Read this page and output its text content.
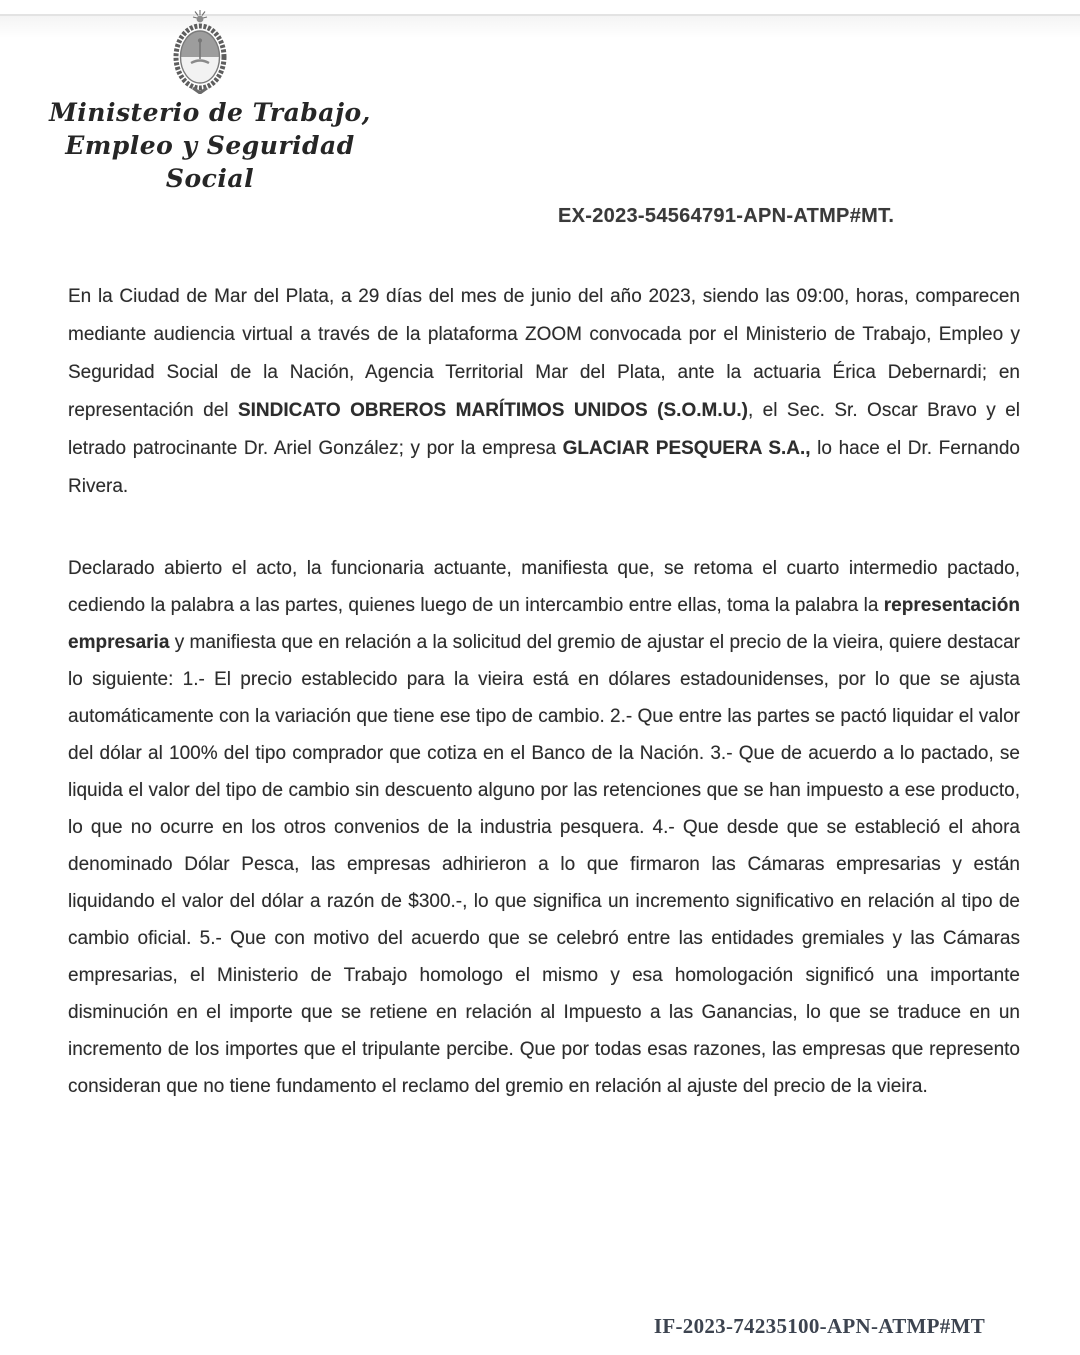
Ministerio de Trabajo,
Empleo y Seguridad Social
EX-2023-54564791-APN-ATMP#MT.

En la Ciudad de Mar del Plata, a 29 días del mes de junio del año 2023, siendo las 09:00, horas, comparecen mediante audiencia virtual a través de la plataforma ZOOM convocada por el Ministerio de Trabajo, Empleo y Seguridad Social de la Nación, Agencia Territorial Mar del Plata, ante la actuaria Érica Debernardi; en representación del SINDICATO OBREROS MARÍTIMOS UNIDOS (S.O.M.U.), el Sec. Sr. Oscar Bravo y el letrado patrocinante Dr. Ariel González; y por la empresa GLACIAR PESQUERA S.A., lo hace el Dr. Fernando Rivera.

Declarado abierto el acto, la funcionaria actuante, manifiesta que, se retoma el cuarto intermedio pactado, cediendo la palabra a las partes, quienes luego de un intercambio entre ellas, toma la palabra la representación empresaria y manifiesta que en relación a la solicitud del gremio de ajustar el precio de la vieira, quiere destacar lo siguiente: 1.- El precio establecido para la vieira está en dólares estadounidenses, por lo que se ajusta automáticamente con la variación que tiene ese tipo de cambio. 2.- Que entre las partes se pactó liquidar el valor del dólar al 100% del tipo comprador que cotiza en el Banco de la Nación. 3.- Que de acuerdo a lo pactado, se liquida el valor del tipo de cambio sin descuento alguno por las retenciones que se han impuesto a ese producto, lo que no ocurre en los otros convenios de la industria pesquera. 4.- Que desde que se estableció el ahora denominado Dólar Pesca, las empresas adhirieron a lo que firmaron las Cámaras empresarias y están liquidando el valor del dólar a razón de $300.-, lo que significa un incremento significativo en relación al tipo de cambio oficial. 5.- Que con motivo del acuerdo que se celebró entre las entidades gremiales y las Cámaras empresarias, el Ministerio de Trabajo homologo el mismo y esa homologación significó una importante disminución en el importe que se retiene en relación al Impuesto a las Ganancias, lo que se traduce en un incremento de los importes que el tripulante percibe. Que por todas esas razones, las empresas que represento consideran que no tiene fundamento el reclamo del gremio en relación al ajuste del precio de la vieira.

IF-2023-74235100-APN-ATMP#MT
